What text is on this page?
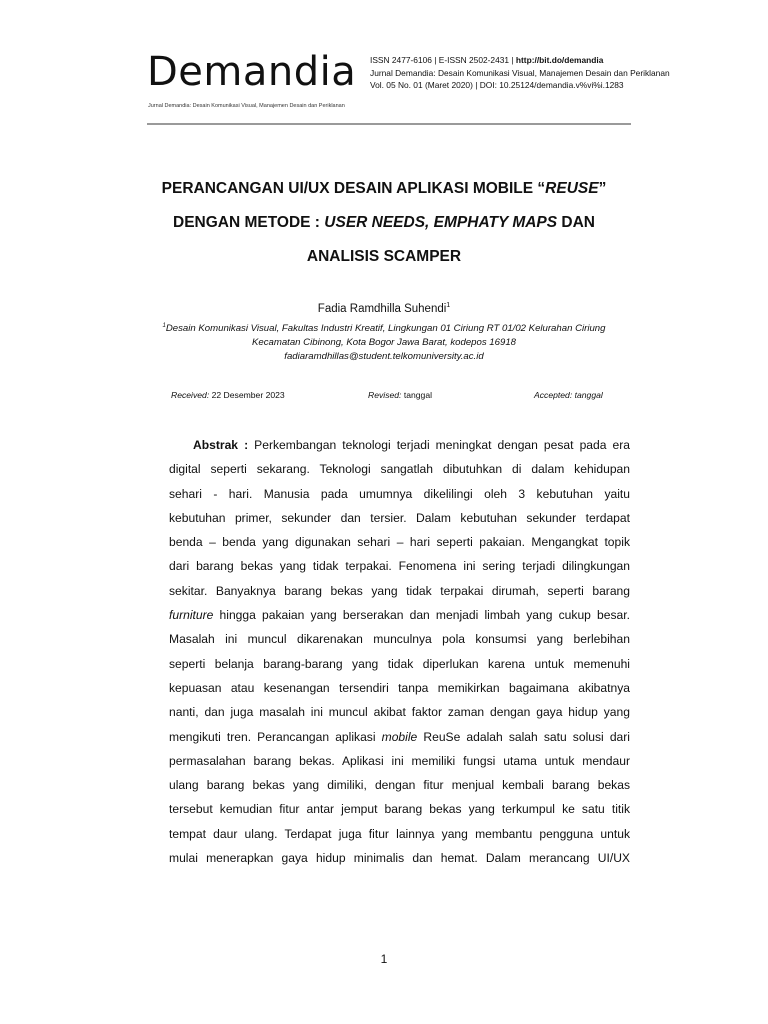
Demandia
Jurnal Demandia: Desain Komunikasi Visual, Manajemen Desain dan Periklanan
ISSN 2477-6106 | E-ISSN 2502-2431 | http://bit.do/demandia
Jurnal Demandia: Desain Komunikasi Visual, Manajemen Desain dan Periklanan
Vol. 05 No. 01 (Maret 2020) | DOI: 10.25124/demandia.v%vi%i.1283
PERANCANGAN UI/UX DESAIN APLIKASI MOBILE “REUSE”
DENGAN METODE : USER NEEDS, EMPHATY MAPS DAN
ANALISIS SCAMPER
Fadia Ramdhilla Suhendi$^1$
$^1$Desain Komunikasi Visual, Fakultas Industri Kreatif, Lingkungan 01 Ciriung RT 01/02 Kelurahan Ciriung
Kecamatan Cibinong, Kota Bogor Jawa Barat, kodepos 16918
fadiaramdhillas@student.telkomuniversity.ac.id
Received: 22 Desember 2023	Revised: tanggal	Accepted: tanggal
Abstrak : Perkembangan teknologi terjadi meningkat dengan pesat pada era
digital seperti sekarang. Teknologi sangatlah dibutuhkan di dalam kehidupan
sehari - hari. Manusia pada umumnya dikelilingi oleh 3 kebutuhan yaitu
kebutuhan primer, sekunder dan tersier. Dalam kebutuhan sekunder terdapat
benda – benda yang digunakan sehari – hari seperti pakaian. Mengangkat topik
dari barang bekas yang tidak terpakai. Fenomena ini sering terjadi dilingkungan
sekitar. Banyaknya barang bekas yang tidak terpakai dirumah, seperti barang
furniture hingga pakaian yang berserakan dan menjadi limbah yang cukup besar.
Masalah ini muncul dikarenakan munculnya pola konsumsi yang berlebihan
seperti belanja barang-barang yang tidak diperlukan karena untuk memenuhi
kepuasan atau kesenangan tersendiri tanpa memikirkan bagaimana akibatnya
nanti, dan juga masalah ini muncul akibat faktor zaman dengan gaya hidup yang
mengikuti tren. Perancangan aplikasi mobile ReuSe adalah salah satu solusi dari
permasalahan barang bekas. Aplikasi ini memiliki fungsi utama untuk mendaur
ulang barang bekas yang dimiliki, dengan fitur menjual kembali barang bekas
tersebut kemudian fitur antar jemput barang bekas yang terkumpul ke satu titik
tempat daur ulang. Terdapat juga fitur lainnya yang membantu pengguna untuk
mulai menerapkan gaya hidup minimalis dan hemat. Dalam merancang UI/UX
1
